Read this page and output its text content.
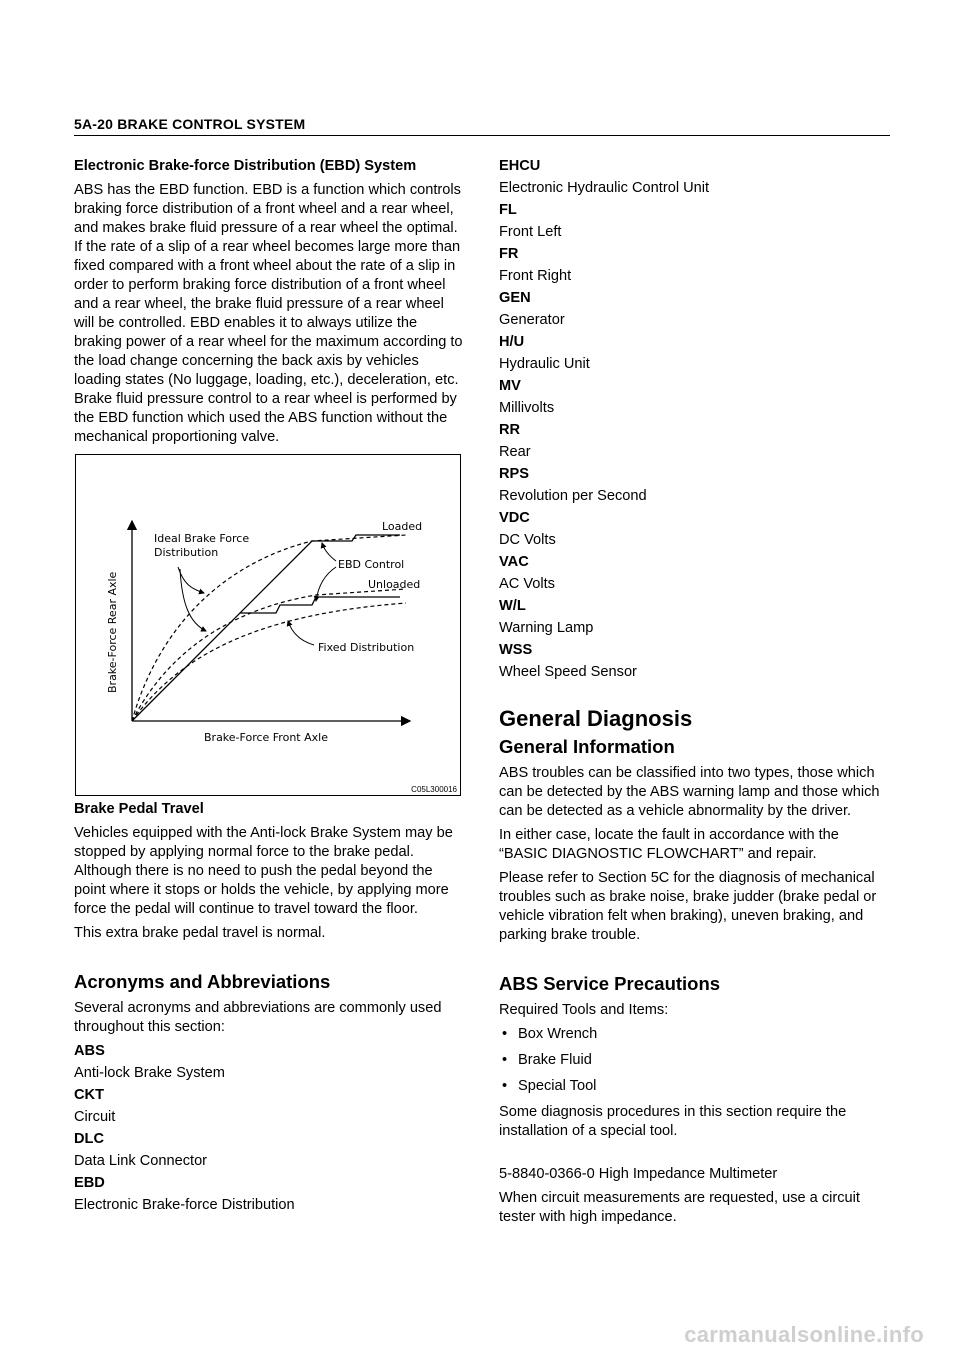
5A-20 BRAKE CONTROL SYSTEM
Electronic Brake-force Distribution (EBD) System

ABS has the EBD function. EBD is a function which controls braking force distribution of a front wheel and a rear wheel, and makes brake fluid pressure of a rear wheel the optimal. If the rate of a slip of a rear wheel becomes large more than fixed compared with a front wheel about the rate of a slip in order to perform braking force distribution of a front wheel and a rear wheel, the brake fluid pressure of a rear wheel will be controlled. EBD enables it to always utilize the braking power of a rear wheel for the maximum according to the load change concerning the back axis by vehicles loading states (No luggage, loading, etc.), deceleration, etc. Brake fluid pressure control to a rear wheel is performed by the EBD function which used the ABS function without the mechanical proportioning valve.

Ideal Brake Force
Distribution
Loaded
EBD Control
Unloaded
Fixed Distribution
Brake-Force Front Axle
Brake-Force Rear Axle
C05L300016
Brake Pedal Travel

Vehicles equipped with the Anti-lock Brake System may be stopped by applying normal force to the brake pedal. Although there is no need to push the pedal beyond the point where it stops or holds the vehicle, by applying more force the pedal will continue to travel toward the floor.

This extra brake pedal travel is normal.

Acronyms and Abbreviations

Several acronyms and abbreviations are commonly used throughout this section:

ABS
Anti-lock Brake System
CKT
Circuit
DLC
Data Link Connector
EBD
Electronic Brake-force Distribution
EHCU
Electronic Hydraulic Control Unit
FL
Front Left
FR
Front Right
GEN
Generator
H/U
Hydraulic Unit
MV
Millivolts
RR
Rear
RPS
Revolution per Second
VDC
DC Volts
VAC
AC Volts
W/L
Warning Lamp
WSS
Wheel Speed Sensor
General Diagnosis
General Information

ABS troubles can be classified into two types, those which can be detected by the ABS warning lamp and those which can be detected as a vehicle abnormality by the driver.

In either case, locate the fault in accordance with the “BASIC DIAGNOSTIC FLOWCHART” and repair.

Please refer to Section 5C for the diagnosis of mechanical troubles such as brake noise, brake judder (brake pedal or vehicle vibration felt when braking), uneven braking, and parking brake trouble.

ABS Service Precautions

Required Tools and Items:

• Box Wrench
• Brake Fluid
• Special Tool

Some diagnosis procedures in this section require the installation of a special tool.

5-8840-0366-0 High Impedance Multimeter

When circuit measurements are requested, use a circuit tester with high impedance.

carmanualsonline.info
